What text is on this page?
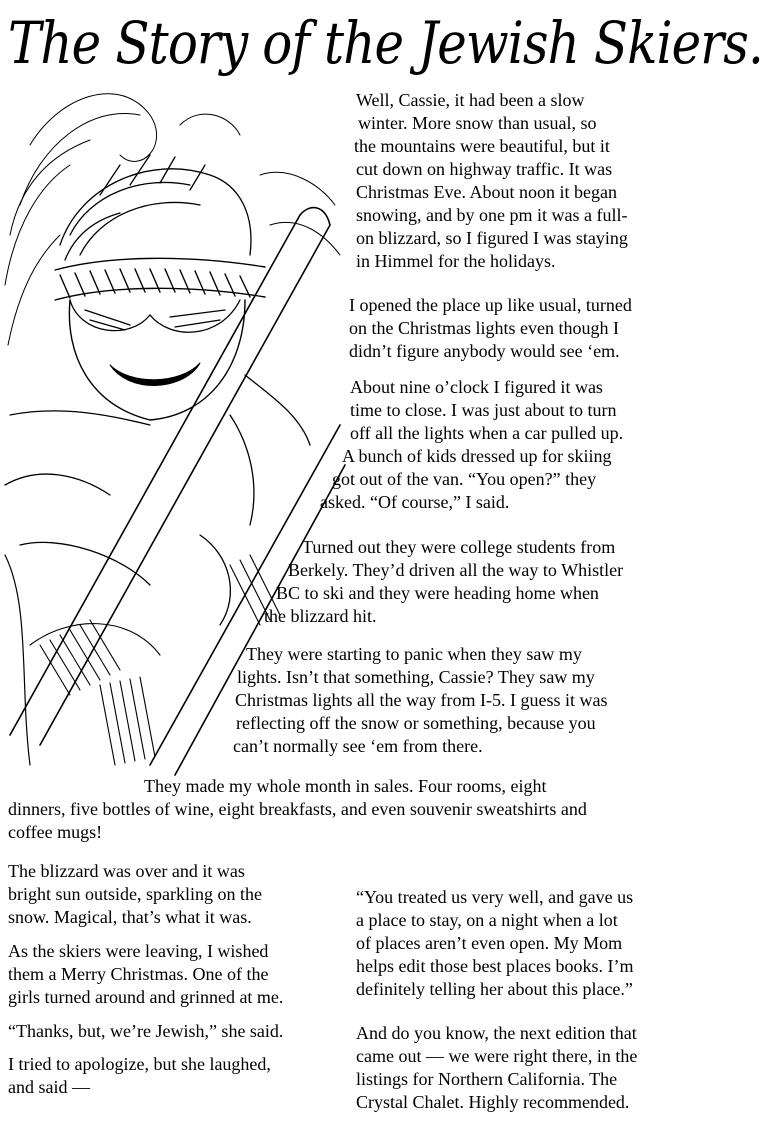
The Story of the Jewish Skiers.
Well, Cassie, it had been a slow
winter. More snow than usual, so
the mountains were beautiful, but it
cut down on highway traffic. It was
Christmas Eve. About noon it began
snowing, and by one pm it was a full-
on blizzard, so I figured I was staying
in Himmel for the holidays.
I opened the place up like usual, turned
on the Christmas lights even though I
didn’t figure anybody would see ‘em.
About nine o’clock I figured it was
time to close. I was just about to turn
off all the lights when a car pulled up.
A bunch of kids dressed up for skiing
got out of the van. “You open?” they
asked. “Of course,” I said.
Turned out they were college students from
Berkely. They’d driven all the way to Whistler
BC to ski and they were heading home when
the blizzard hit.
They were starting to panic when they saw my
lights. Isn’t that something, Cassie? They saw my
Christmas lights all the way from I-5. I guess it was
reflecting off the snow or something, because you
can’t normally see ‘em from there.
They made my whole month in sales. Four rooms, eight
dinners, five bottles of wine, eight breakfasts, and even souvenir sweatshirts and
coffee mugs!
The blizzard was over and it was
bright sun outside, sparkling on the
snow. Magical, that’s what it was.
As the skiers were leaving, I wished
them a Merry Christmas. One of the
girls turned around and grinned at me.
“Thanks, but, we’re Jewish,” she said.
I tried to apologize, but she laughed,
and said —
“You treated us very well, and gave us
a place to stay, on a night when a lot
of places aren’t even open. My Mom
helps edit those best places books. I’m
definitely telling her about this place.”
And do you know, the next edition that
came out — we were right there, in the
listings for Northern California. The
Crystal Chalet. Highly recommended.
